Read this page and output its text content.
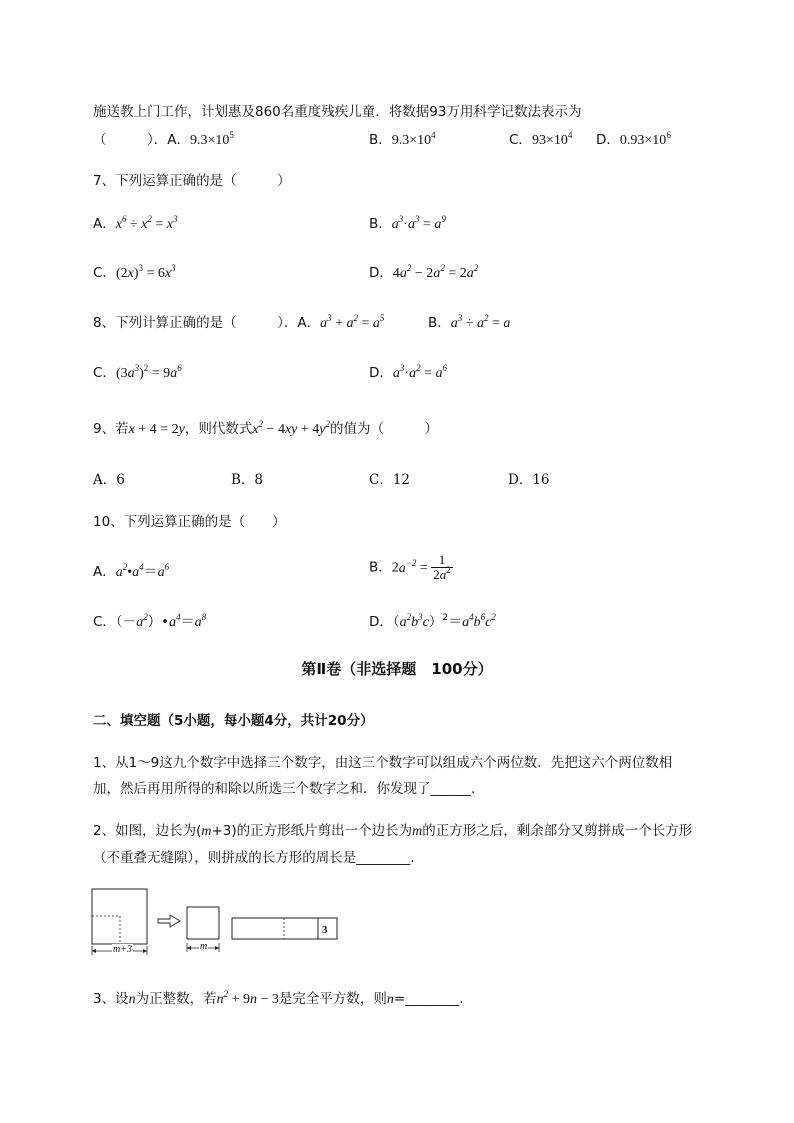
施送教上门工作，计划惠及860名重度残疾儿童．将数据93万用科学记数法表示为
（　　　）．A．$9.3\times 10^5$	B．$9.3\times 10^4$	C．$93\times 10^4$ D．$0.93\times 10^6$
7、下列运算正确的是（　　　）
A．$x^6 \div x^2 = x^3$	B．$a^3\cdot a^3 = a^9$
C．$(2x)^3 = 6x^3$	D．$4a^2 - 2a^2 = 2a^2$
8、下列计算正确的是（　　　）．A．$a^3 + a^2 = a^5$	B．$a^3 \div a^2 = a$
C．$(3a^3)^2 = 9a^6$	D．$a^3\cdot a^2 = a^6$
9、若x + 4 = 2y，则代数式$x^2 - 4xy + 4y^2$的值为（　　　）
A．6	B．8	C．12	D．16
10、下列运算正确的是（　　）
A．$a^2•a^4=a^6$	B．$2a^{-2} = \frac{1}{2a^2}$
C．$(-a^2)•a^4=a^8$	D．$(a^2b^3c)^2=a^4b^6c^2$
第Ⅱ卷（非选择题　100分）
二、填空题（5小题，每小题4分，共计20分）
1、从1～9这九个数字中选择三个数字，由这三个数字可以组成六个两位数．先把这六个两位数相
加，然后再用所得的和除以所选三个数字之和．你发现了______.
2、如图，边长为(m+3)的正方形纸片剪出一个边长为m的正方形之后，剩余部分又剪拼成一个长方形
（不重叠无缝隙），则拼成的长方形的周长是________.
m+3	m
3
3、设n为正整数，若$n^2 + 9n - 3$是完全平方数，则n=________.
